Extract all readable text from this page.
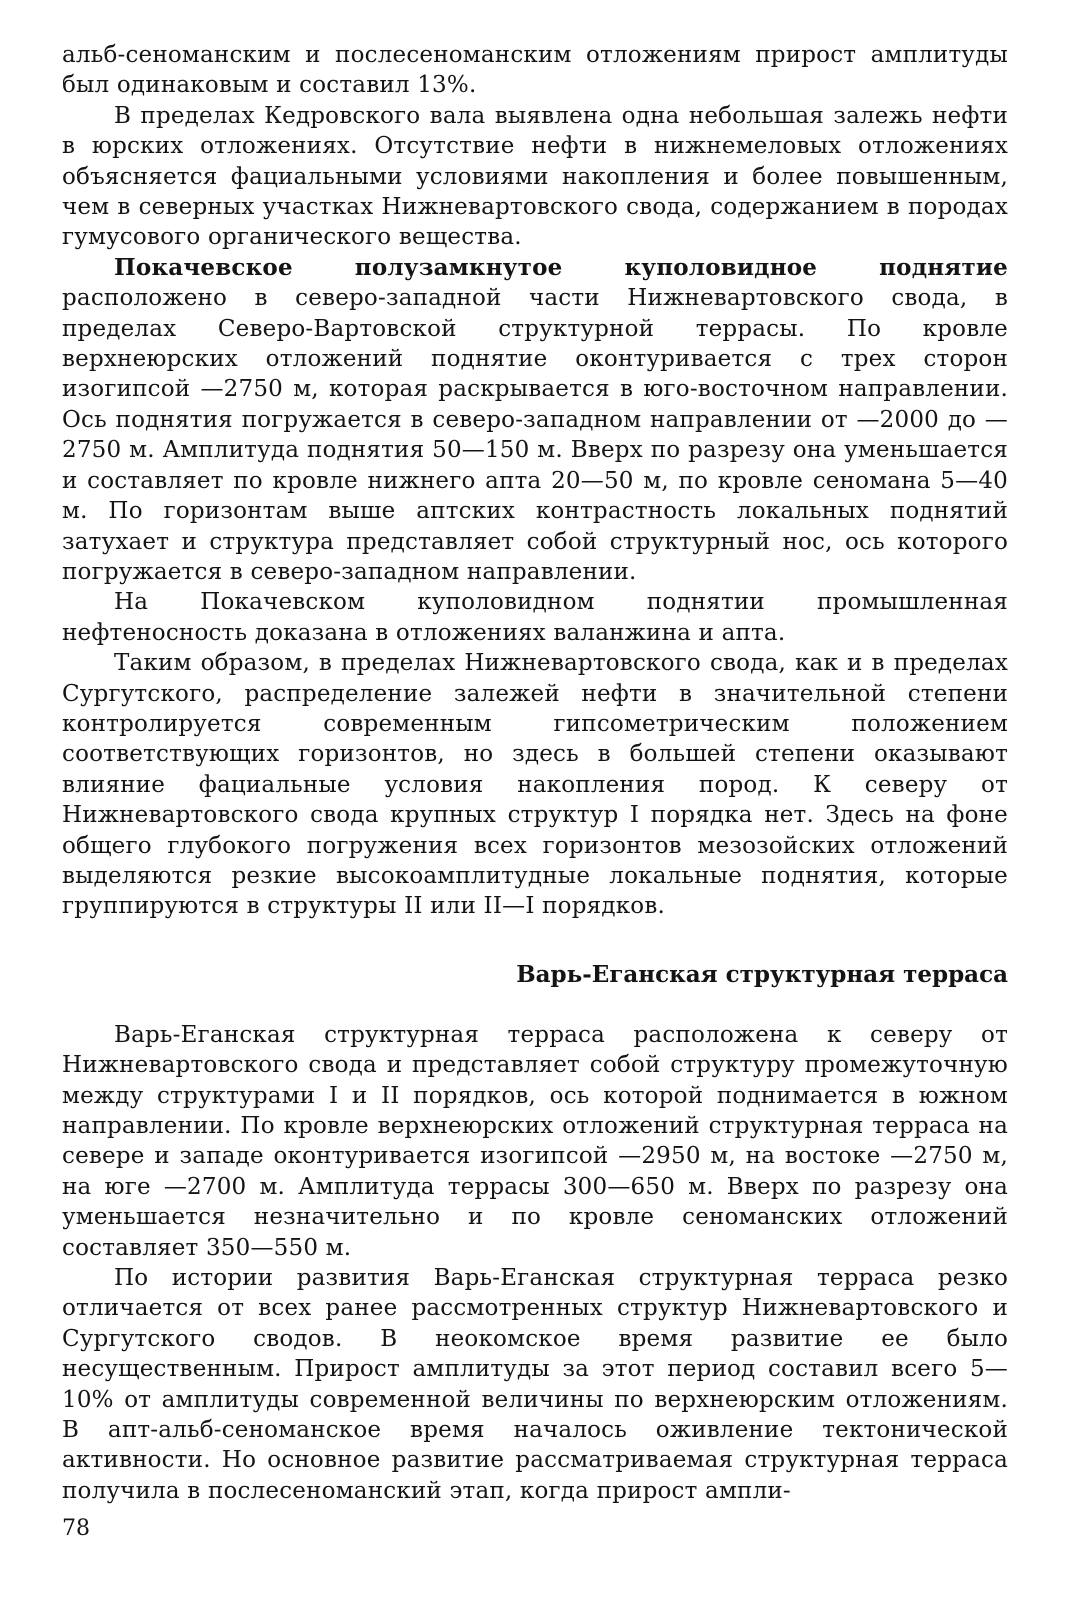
альб-сеноманским и послесеноманским отложениям прирост амплитуды был одинаковым и составил 13%.

В пределах Кедровского вала выявлена одна небольшая залежь нефти в юрских отложениях. Отсутствие нефти в нижнемеловых отложениях объясняется фациальными условиями накопления и более повышенным, чем в северных участках Нижневартовского свода, содержанием в породах гумусового органического вещества.

Покачевское полузамкнутое куполовидное поднятие расположено в северо-западной части Нижневартовского свода, в пределах Северо-Вартовской структурной террасы. По кровле верхнеюрских отложений поднятие оконтуривается с трех сторон изогипсой —2750 м, которая раскрывается в юго-восточном направлении. Ось поднятия погружается в северо-западном направлении от —2000 до —2750 м. Амплитуда поднятия 50—150 м. Вверх по разрезу она уменьшается и составляет по кровле нижнего апта 20—50 м, по кровле сеномана 5—40 м. По горизонтам выше аптских контрастность локальных поднятий затухает и структура представляет собой структурный нос, ось которого погружается в северо-западном направлении.

На Покачевском куполовидном поднятии промышленная нефтеносность доказана в отложениях валанжина и апта.

Таким образом, в пределах Нижневартовского свода, как и в пределах Сургутского, распределение залежей нефти в значительной степени контролируется современным гипсометрическим положением соответствующих горизонтов, но здесь в большей степени оказывают влияние фациальные условия накопления пород. К северу от Нижневартовского свода крупных структур I порядка нет. Здесь на фоне общего глубокого погружения всех горизонтов мезозойских отложений выделяются резкие высокоамплитудные локальные поднятия, которые группируются в структуры II или II—I порядков.

Варь-Еганская структурная терраса

Варь-Еганская структурная терраса расположена к северу от Нижневартовского свода и представляет собой структуру промежуточную между структурами I и II порядков, ось которой поднимается в южном направлении. По кровле верхнеюрских отложений структурная терраса на севере и западе оконтуривается изогипсой —2950 м, на востоке —2750 м, на юге —2700 м. Амплитуда террасы 300—650 м. Вверх по разрезу она уменьшается незначительно и по кровле сеноманских отложений составляет 350—550 м.

По истории развития Варь-Еганская структурная терраса резко отличается от всех ранее рассмотренных структур Нижневартовского и Сургутского сводов. В неокомское время развитие ее было несущественным. Прирост амплитуды за этот период составил всего 5—10% от амплитуды современной величины по верхнеюрским отложениям. В апт-альб-сеноманское время началось оживление тектонической активности. Но основное развитие рассматриваемая структурная терраса получила в послесеноманский этап, когда прирост ампли-

78
